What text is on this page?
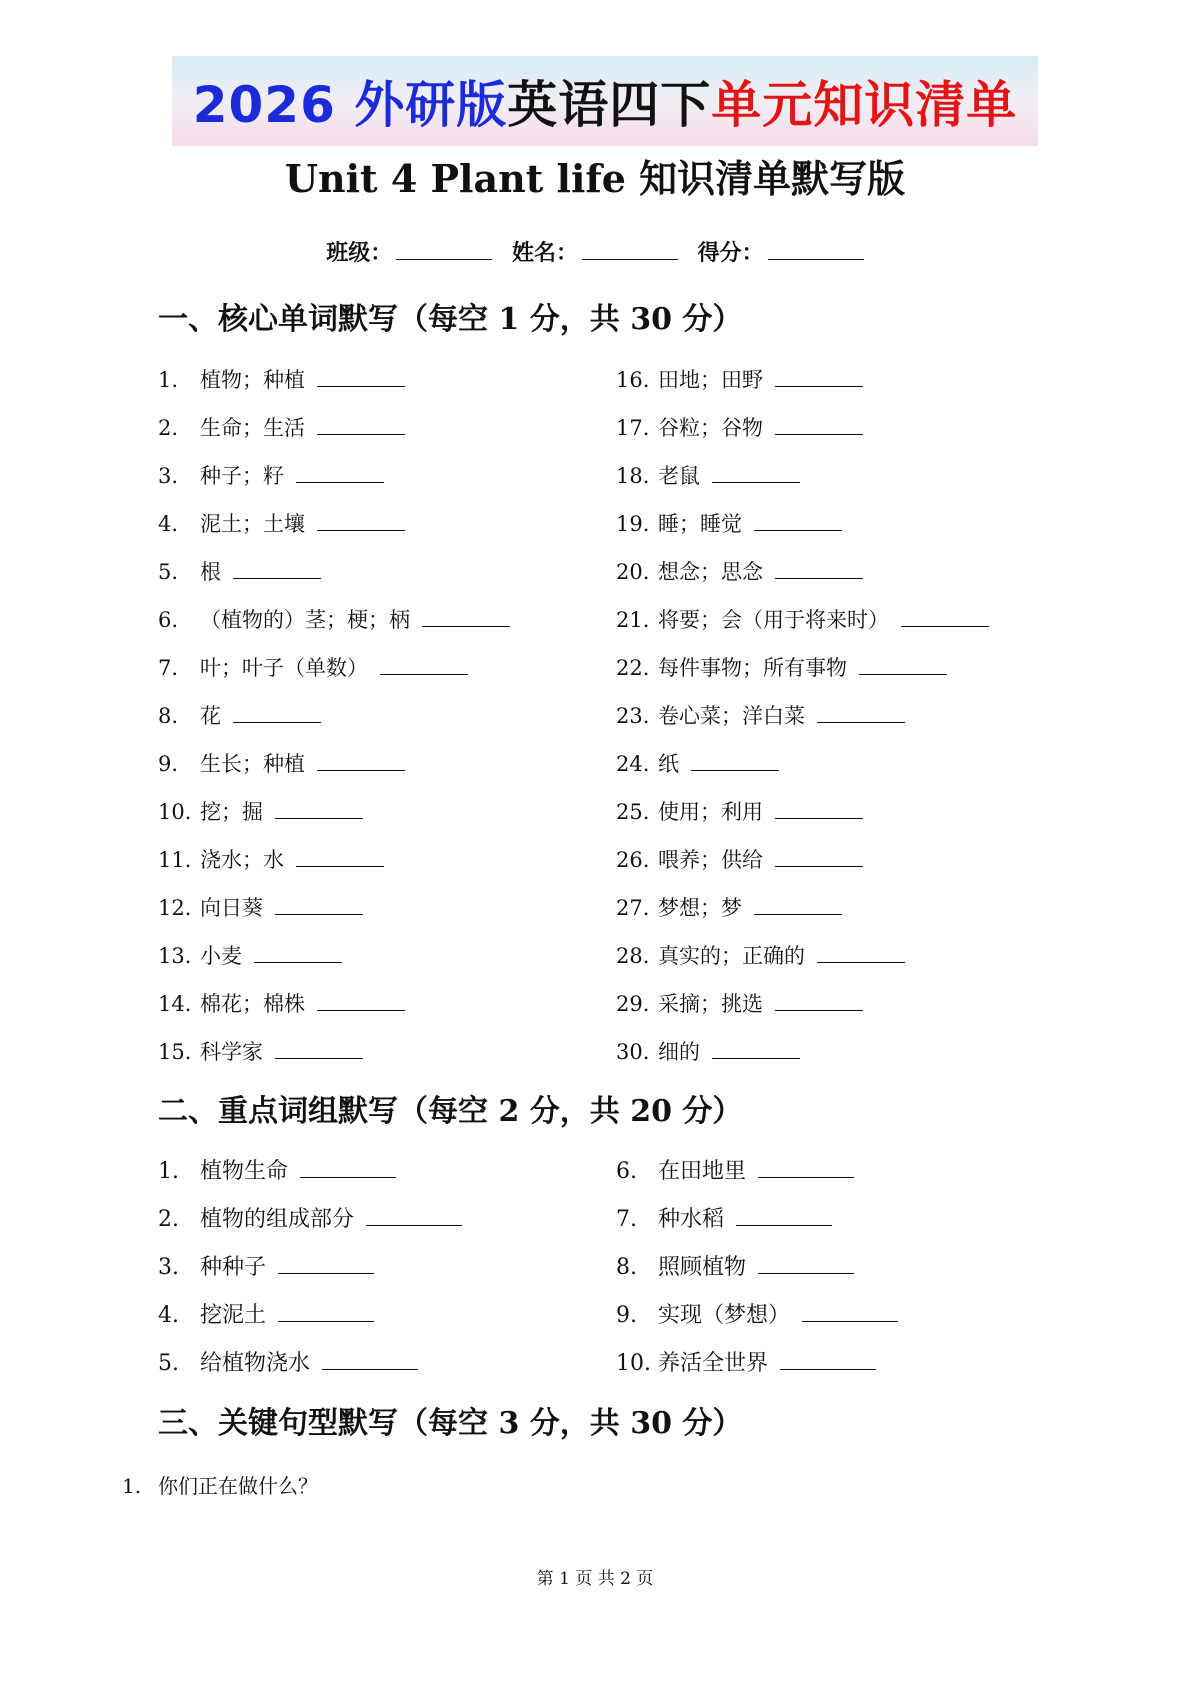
2026 外研版 英语四下 单元知识清单
Unit 4 Plant life 知识清单默写版
班级：	姓名：	得分：
一、核心单词默写（每空 1 分，共 30 分）
1. 植物；种植
2. 生命；生活
3. 种子；籽
4. 泥土；土壤
5. 根
6. （植物的）茎；梗；柄
7. 叶；叶子（单数）
8. 花
9. 生长；种植
10. 挖；掘
11. 浇水；水
12. 向日葵
13. 小麦
14. 棉花；棉株
15. 科学家
16. 田地；田野
17. 谷粒；谷物
18. 老鼠
19. 睡；睡觉
20. 想念；思念
21. 将要；会（用于将来时）
22. 每件事物；所有事物
23. 卷心菜；洋白菜
24. 纸
25. 使用；利用
26. 喂养；供给
27. 梦想；梦
28. 真实的；正确的
29. 采摘；挑选
30. 细的
二、重点词组默写（每空 2 分，共 20 分）
1. 植物生命
2. 植物的组成部分
3. 种种子
4. 挖泥土
5. 给植物浇水
6. 在田地里
7. 种水稻
8. 照顾植物
9. 实现（梦想）
10. 养活全世界
三、关键句型默写（每空 3 分，共 30 分）
1. 你们正在做什么？
第 1 页 共 2 页
